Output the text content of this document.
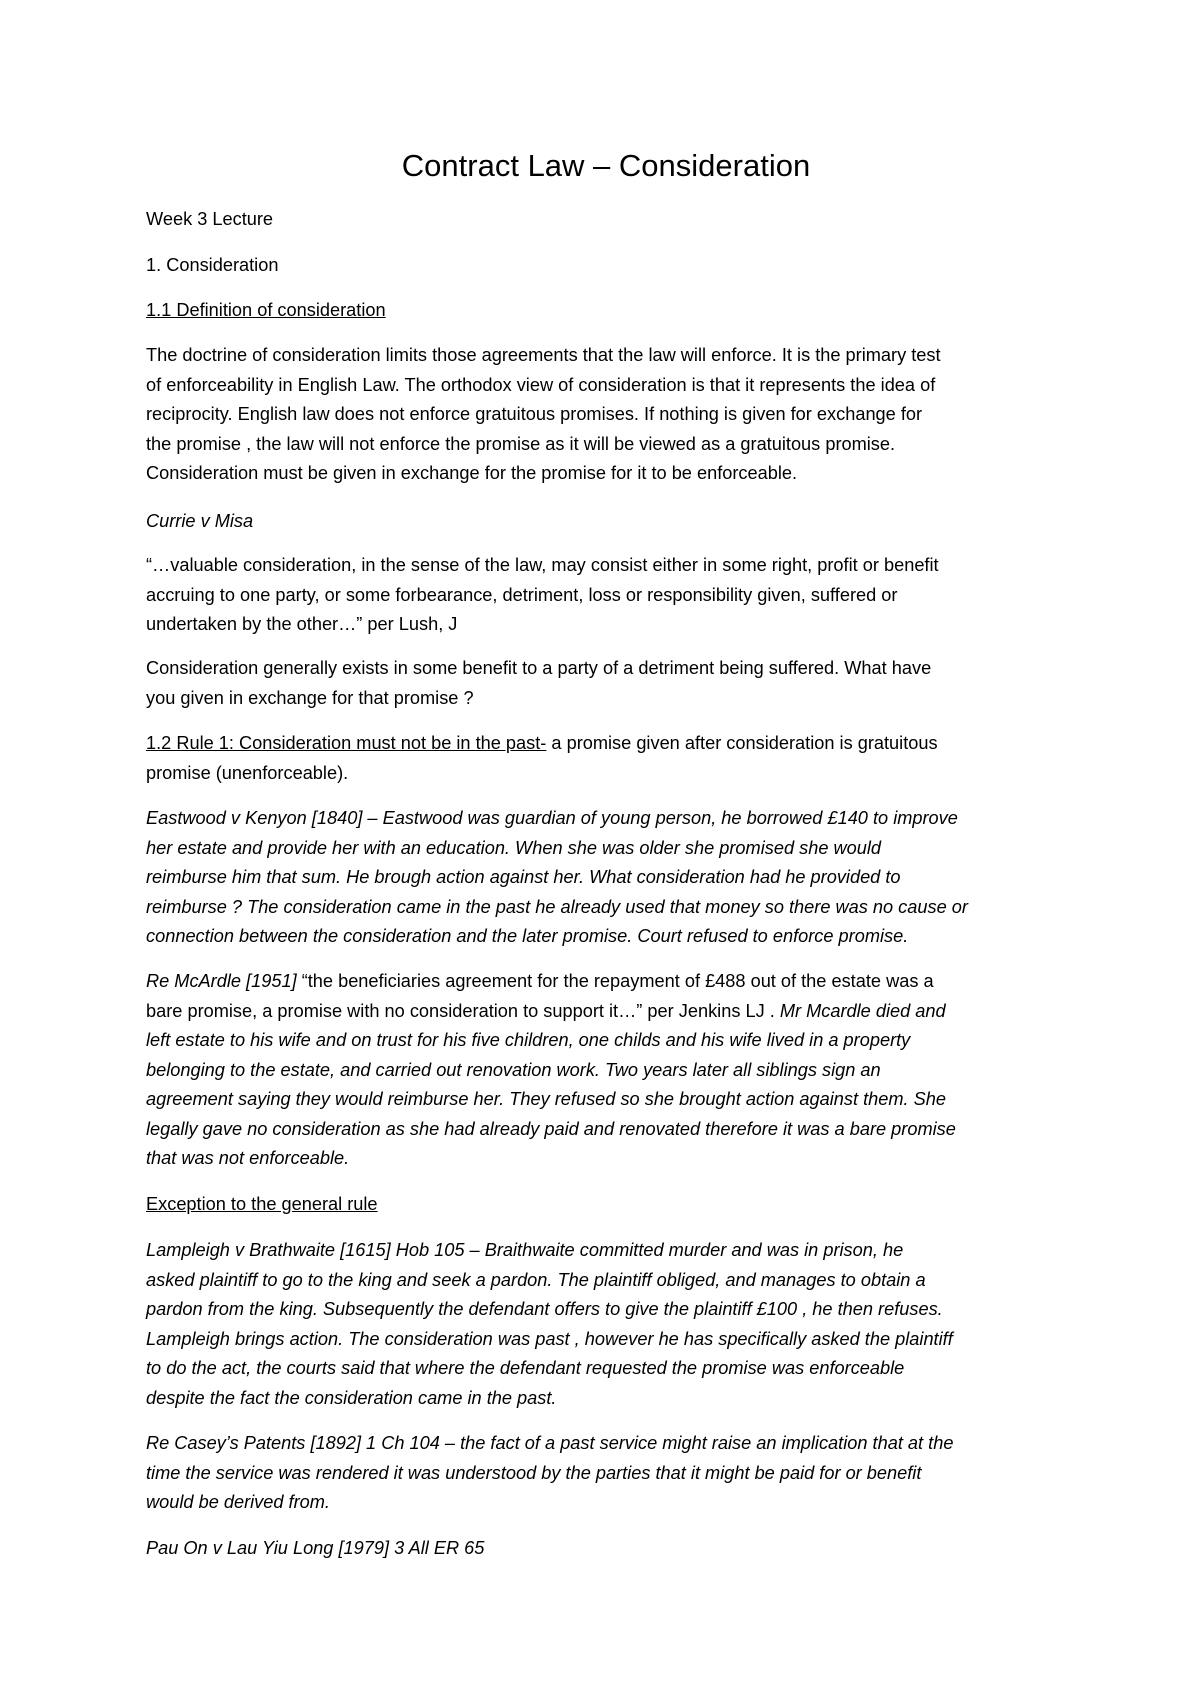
Contract Law – Consideration

Week 3 Lecture

1. Consideration

1.1 Definition of consideration

The doctrine of consideration limits those agreements that the law will enforce. It is the primary test
of enforceability in English Law. The orthodox view of consideration is that it represents the idea of
reciprocity. English law does not enforce gratuitous promises. If nothing is given for exchange for
the promise , the law will not enforce the promise as it will be viewed as a gratuitous promise.
Consideration must be given in exchange for the promise for it to be enforceable.

Currie v Misa

“…valuable consideration, in the sense of the law, may consist either in some right, profit or benefit
accruing to one party, or some forbearance, detriment, loss or responsibility given, suffered or
undertaken by the other…” per Lush, J

Consideration generally exists in some benefit to a party of a detriment being suffered. What have
you given in exchange for that promise ?

1.2 Rule 1: Consideration must not be in the past- a promise given after consideration is gratuitous
promise (unenforceable).

Eastwood v Kenyon [1840] – Eastwood was guardian of young person, he borrowed £140 to improve
her estate and provide her with an education. When she was older she promised she would
reimburse him that sum. He brough action against her. What consideration had he provided to
reimburse ? The consideration came in the past he already used that money so there was no cause or
connection between the consideration and the later promise. Court refused to enforce promise.

Re McArdle [1951] “the beneficiaries agreement for the repayment of £488 out of the estate was a
bare promise, a promise with no consideration to support it…” per Jenkins LJ . Mr Mcardle died and
left estate to his wife and on trust for his five children, one childs and his wife lived in a property
belonging to the estate, and carried out renovation work. Two years later all siblings sign an
agreement saying they would reimburse her. They refused so she brought action against them. She
legally gave no consideration as she had already paid and renovated therefore it was a bare promise
that was not enforceable.

Exception to the general rule

Lampleigh v Brathwaite [1615] Hob 105 – Braithwaite committed murder and was in prison, he
asked plaintiff to go to the king and seek a pardon. The plaintiff obliged, and manages to obtain a
pardon from the king. Subsequently the defendant offers to give the plaintiff £100 , he then refuses.
Lampleigh brings action. The consideration was past , however he has specifically asked the plaintiff
to do the act, the courts said that where the defendant requested the promise was enforceable
despite the fact the consideration came in the past.

Re Casey’s Patents [1892] 1 Ch 104 – the fact of a past service might raise an implication that at the
time the service was rendered it was understood by the parties that it might be paid for or benefit
would be derived from.

Pau On v Lau Yiu Long [1979] 3 All ER 65
